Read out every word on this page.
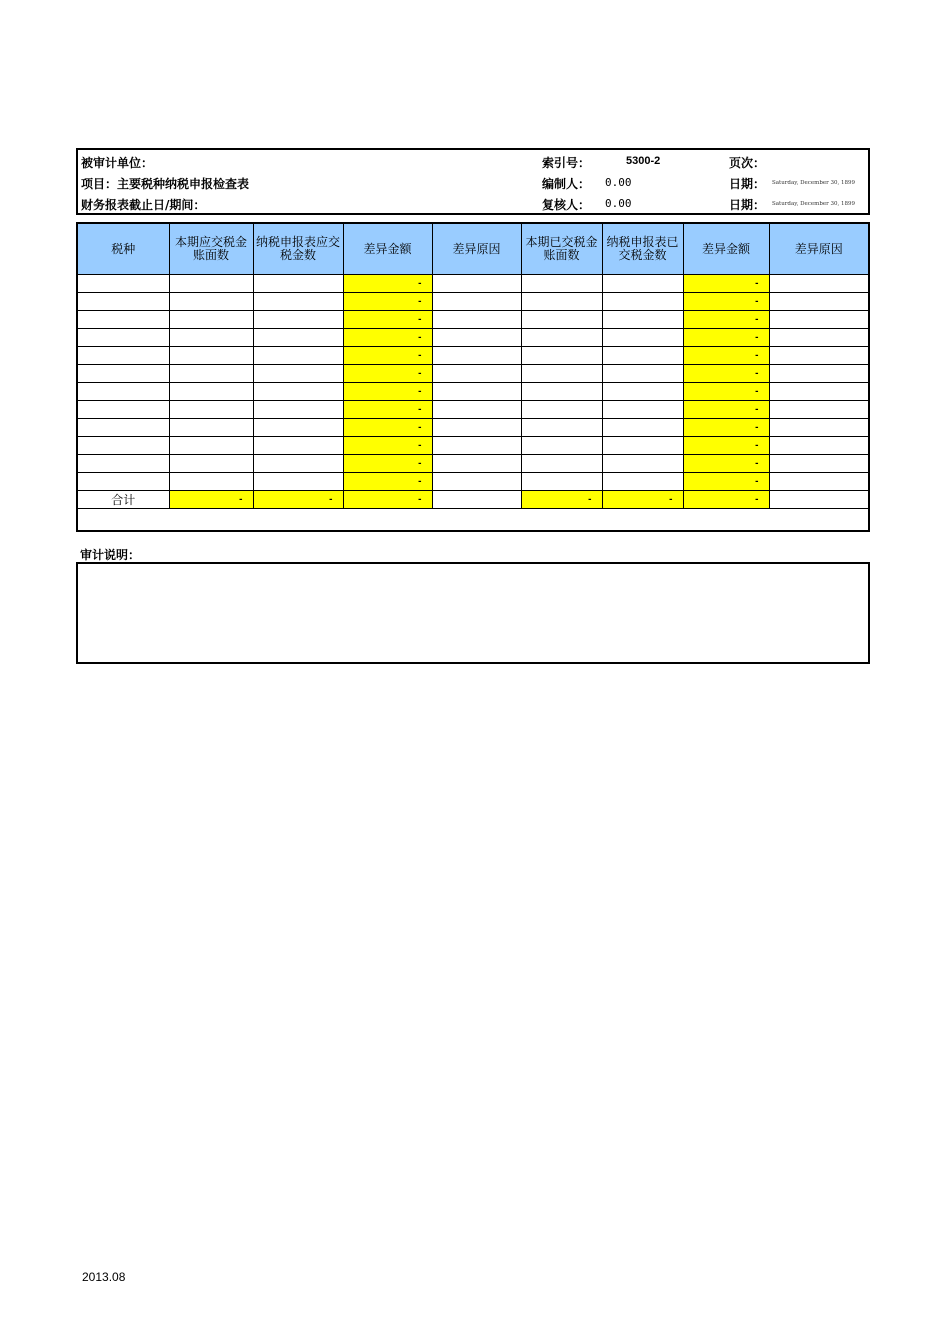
被审计单位：	索引号：	5300-2	页次：
项目：主要税种纳税申报检查表	编制人： 0.00	日期： Saturday, December 30, 1899
财务报表截止日/期间：	复核人： 0.00	日期： Saturday, December 30, 1899
税种	本期应交税金账面数	纳税申报表应交税金数	差异金额	差异原因	本期已交税金账面数	纳税申报表已交税金数	差异金额	差异原因
			-				-	
			-				-	
			-				-	
			-				-	
			-				-	
			-				-	
			-				-	
			-				-	
			-				-	
			-				-	
			-				-	
			-				-	
合计	-	-	-		-	-	-	

审计说明：
2013.08
